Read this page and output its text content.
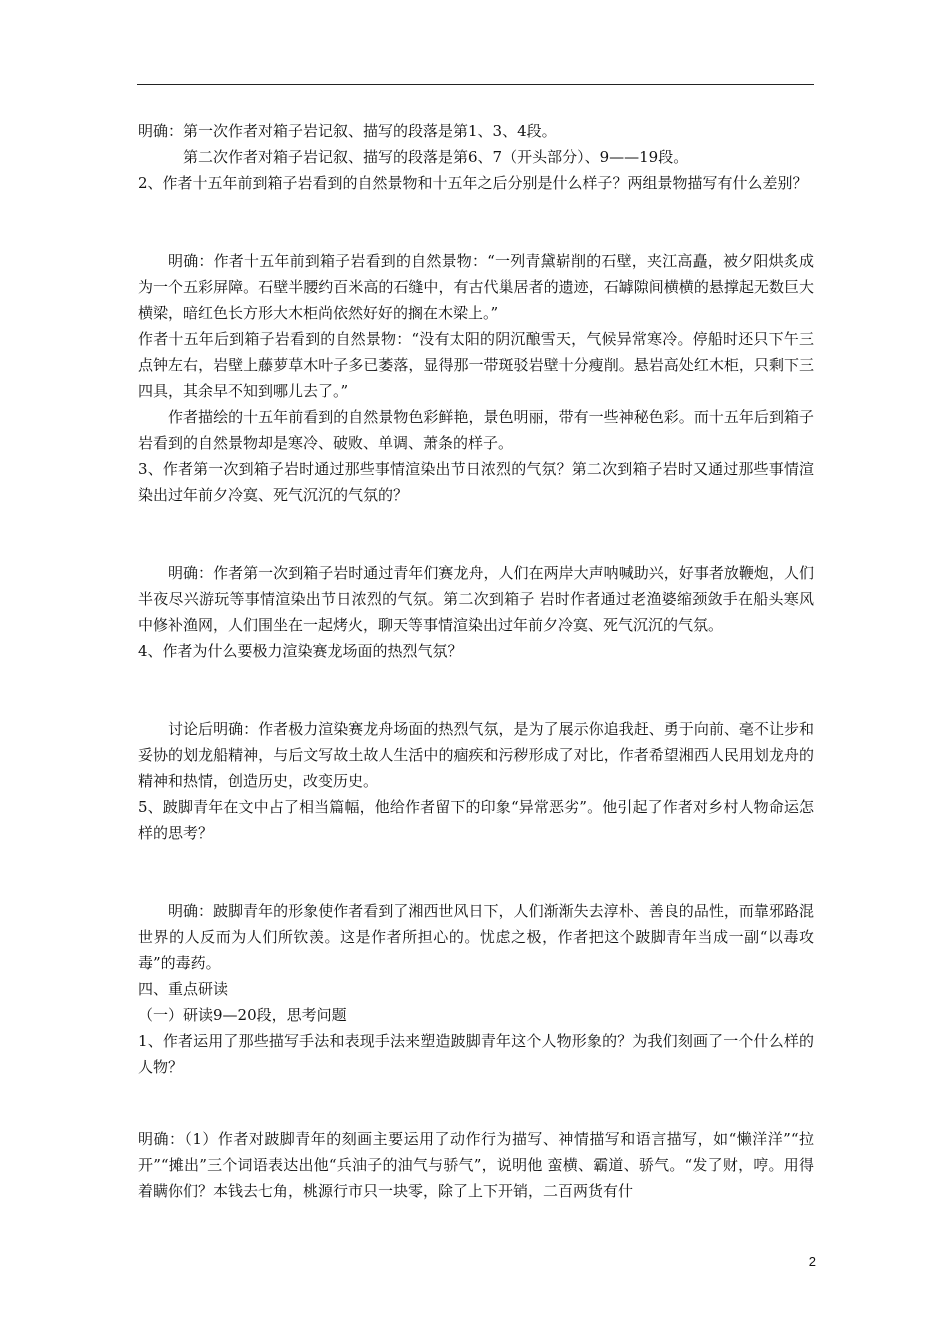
明确：第一次作者对箱子岩记叙、描写的段落是第1、3、4段。

第二次作者对箱子岩记叙、描写的段落是第6、7（开头部分）、9——19段。

2、作者十五年前到箱子岩看到的自然景物和十五年之后分别是什么样子？两组景物描写有什么差别？

明确：作者十五年前到箱子岩看到的自然景物：“一列青黛崭削的石壁，夹江高矗，被夕阳烘炙成为一个五彩屏障。石壁半腰约百米高的石缝中，有古代巢居者的遗迹，石罅隙间横横的悬撑起无数巨大横梁，暗红色长方形大木柜尚依然好好的搁在木梁上。”

作者十五年后到箱子岩看到的自然景物：“没有太阳的阴沉酿雪天，气候异常寒冷。停船时还只下午三点钟左右，岩壁上藤萝草木叶子多已萎落，显得那一带斑驳岩壁十分瘦削。悬岩高处红木柜，只剩下三四具，其余早不知到哪儿去了。”

作者描绘的十五年前看到的自然景物色彩鲜艳，景色明丽，带有一些神秘色彩。而十五年后到箱子岩看到的自然景物却是寒冷、破败、单调、萧条的样子。

3、作者第一次到箱子岩时通过那些事情渲染出节日浓烈的气氛？第二次到箱子岩时又通过那些事情渲染出过年前夕冷寞、死气沉沉的气氛的？

明确：作者第一次到箱子岩时通过青年们赛龙舟，人们在两岸大声呐喊助兴，好事者放鞭炮，人们半夜尽兴游玩等事情渲染出节日浓烈的气氛。第二次到箱子 岩时作者通过老渔婆缩颈敛手在船头寒风中修补渔网，人们围坐在一起烤火，聊天等事情渲染出过年前夕冷寞、死气沉沉的气氛。

4、作者为什么要极力渲染赛龙场面的热烈气氛？

讨论后明确：作者极力渲染赛龙舟场面的热烈气氛，是为了展示你追我赶、勇于向前、毫不让步和妥协的划龙船精神，与后文写故土故人生活中的痼疾和污秽形成了对比，作者希望湘西人民用划龙舟的精神和热情，创造历史，改变历史。

5、跛脚青年在文中占了相当篇幅，他给作者留下的印象“异常恶劣”。他引起了作者对乡村人物命运怎样的思考？

明确：跛脚青年的形象使作者看到了湘西世风日下，人们渐渐失去淳朴、善良的品性，而靠邪路混世界的人反而为人们所钦羡。这是作者所担心的。忧虑之极，作者把这个跛脚青年当成一副“以毒攻毒”的毒药。

四、重点研读

（一）研读9—20段，思考问题

1、作者运用了那些描写手法和表现手法来塑造跛脚青年这个人物形象的？为我们刻画了一个什么样的人物？

明确：（1）作者对跛脚青年的刻画主要运用了动作行为描写、神情描写和语言描写，如“懒洋洋”“拉开”“摊出”三个词语表达出他“兵油子的油气与骄气”，说明他 蛮横、霸道、骄气。“发了财，哼。用得着瞒你们？本钱去七角，桃源行市只一块零，除了上下开销，二百两货有什

2
